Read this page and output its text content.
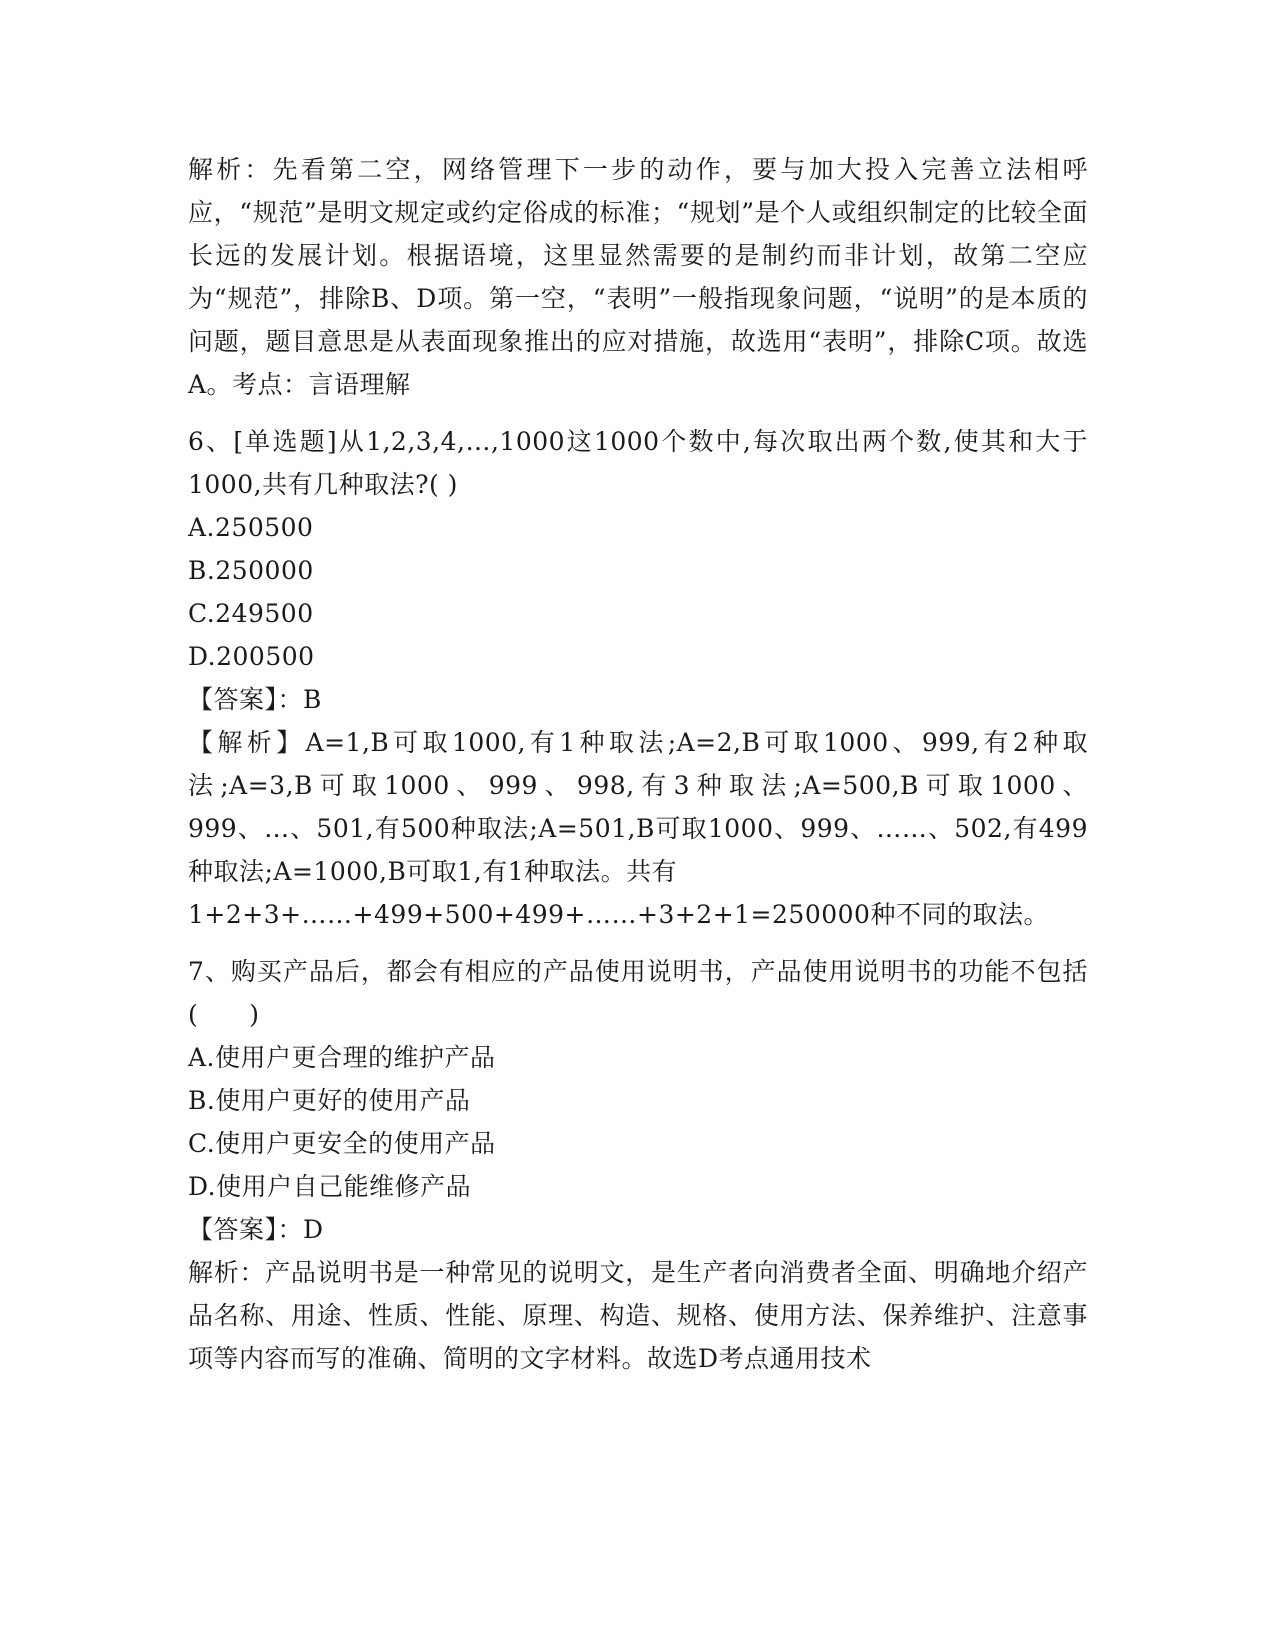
解析：先看第二空，网络管理下一步的动作，要与加大投入完善立法相呼应，“规范”是明文规定或约定俗成的标准；“规划”是个人或组织制定的比较全面长远的发展计划。根据语境，这里显然需要的是制约而非计划，故第二空应为“规范”，排除B、D项。第一空，“表明”一般指现象问题，“说明”的是本质的问题，题目意思是从表面现象推出的应对措施，故选用“表明”，排除C项。故选A。考点：言语理解

6、[单选题]从1,2,3,4,…,1000这1000个数中,每次取出两个数,使其和大于1000,共有几种取法?( )

A.250500

B.250000

C.249500

D.200500

【答案】：B

【解析】A=1,B可取1000,有1种取法;A=2,B可取1000、999,有2种取法;A=3,B可取1000、999、998,有3种取法;A=500,B可取1000、999、…、501,有500种取法;A=501,B可取1000、999、……、502,有499种取法;A=1000,B可取1,有1种取法。共有

1+2+3+……+499+500+499+……+3+2+1=250000种不同的取法。

7、购买产品后，都会有相应的产品使用说明书，产品使用说明书的功能不包括(　　)

A.使用户更合理的维护产品

B.使用户更好的使用产品

C.使用户更安全的使用产品

D.使用户自己能维修产品

【答案】：D

解析：产品说明书是一种常见的说明文，是生产者向消费者全面、明确地介绍产品名称、用途、性质、性能、原理、构造、规格、使用方法、保养维护、注意事项等内容而写的准确、简明的文字材料。故选D考点通用技术
